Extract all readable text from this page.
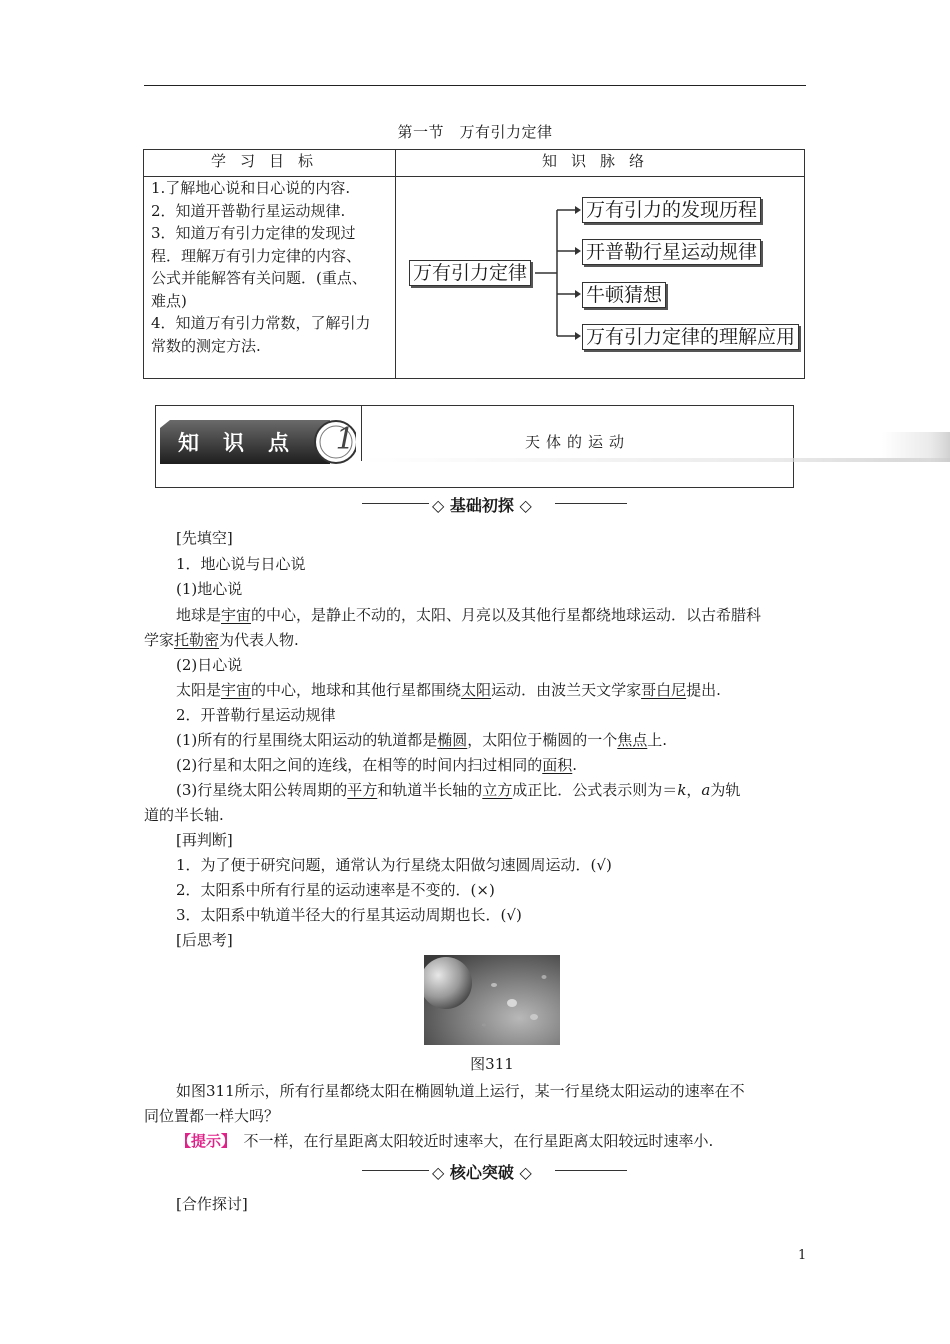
第一节　万有引力定律
学习目标	知识脉络
1.了解地心说和日心说的内容.
2．知道开普勒行星运动规律.
3．知道万有引力定律的发现过
程．理解万有引力定律的内容、
公式并能解答有关问题．(重点、
难点)
4．知道万有引力常数，了解引力
常数的测定方法.
万有引力定律
万有引力的发现历程
开普勒行星运动规律
牛顿猜想
万有引力定律的理解应用
知识点 1	天体的运动
◇ 基础初探 ◇
[先填空]
1．地心说与日心说
(1)地心说
地球是宇宙的中心，是静止不动的，太阳、月亮以及其他行星都绕地球运动．以古希腊科
学家托勒密为代表人物.
(2)日心说
太阳是宇宙的中心，地球和其他行星都围绕太阳运动．由波兰天文学家哥白尼提出.
2．开普勒行星运动规律
(1)所有的行星围绕太阳运动的轨道都是椭圆，太阳位于椭圆的一个焦点上.
(2)行星和太阳之间的连线，在相等的时间内扫过相同的面积.
(3)行星绕太阳公转周期的平方和轨道半长轴的立方成正比．公式表示则为＝k，a为轨
道的半长轴.
[再判断]
1．为了便于研究问题，通常认为行星绕太阳做匀速圆周运动．(√)
2．太阳系中所有行星的运动速率是不变的．(×)
3．太阳系中轨道半径大的行星其运动周期也长．(√)
[后思考]
图311
如图311所示，所有行星都绕太阳在椭圆轨道上运行，某一行星绕太阳运动的速率在不
同位置都一样大吗？
【提示】　 不一样，在行星距离太阳较近时速率大，在行星距离太阳较远时速率小.
◇ 核心突破 ◇
[合作探讨]
1
